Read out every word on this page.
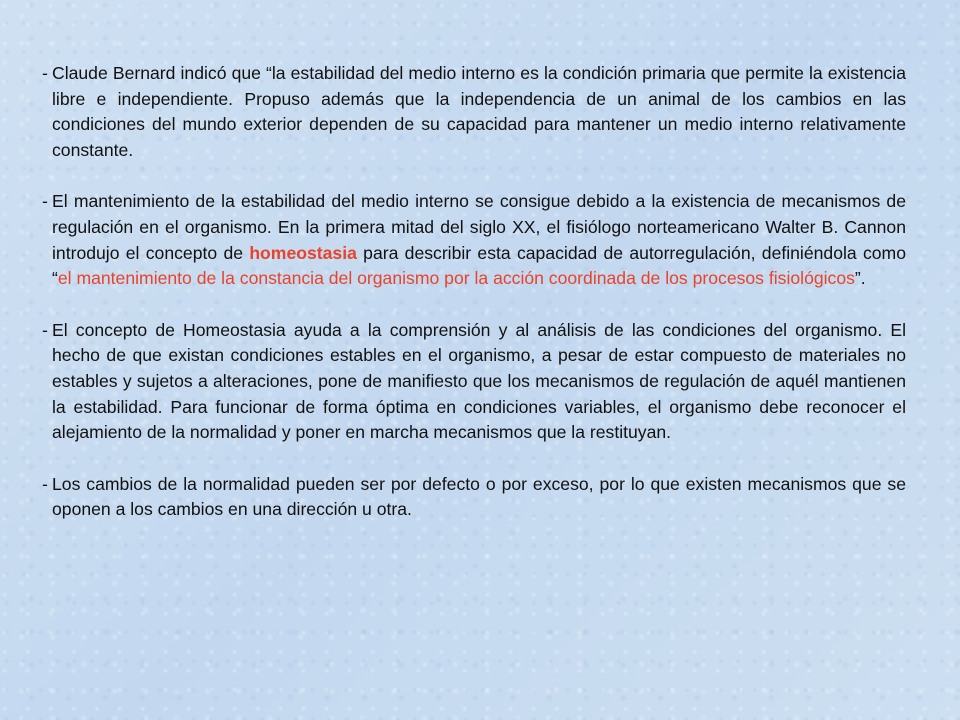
- Claude Bernard indicó que “la estabilidad del medio interno es la condición primaria que permite la existencia libre e independiente. Propuso además que la independencia de un animal de los cambios en las condiciones del mundo exterior dependen de su capacidad para mantener un medio interno relativamente constante.

- El mantenimiento de la estabilidad del medio interno se consigue debido a la existencia de mecanismos de regulación en el organismo. En la primera mitad del siglo XX, el fisiólogo norteamericano Walter B. Cannon introdujo el concepto de homeostasia para describir esta capacidad de autorregulación, definiéndola como “el mantenimiento de la constancia del organismo por la acción coordinada de los procesos fisiológicos”.

- El concepto de Homeostasia ayuda a la comprensión y al análisis de las condiciones del organismo. El hecho de que existan condiciones estables en el organismo, a pesar de estar compuesto de materiales no estables y sujetos a alteraciones, pone de manifiesto que los mecanismos de regulación de aquél mantienen la estabilidad. Para funcionar de forma óptima en condiciones variables, el organismo debe reconocer el alejamiento de la normalidad y poner en marcha mecanismos que la restituyan.

- Los cambios de la normalidad pueden ser por defecto o por exceso, por lo que existen mecanismos que se oponen a los cambios en una dirección u otra.
